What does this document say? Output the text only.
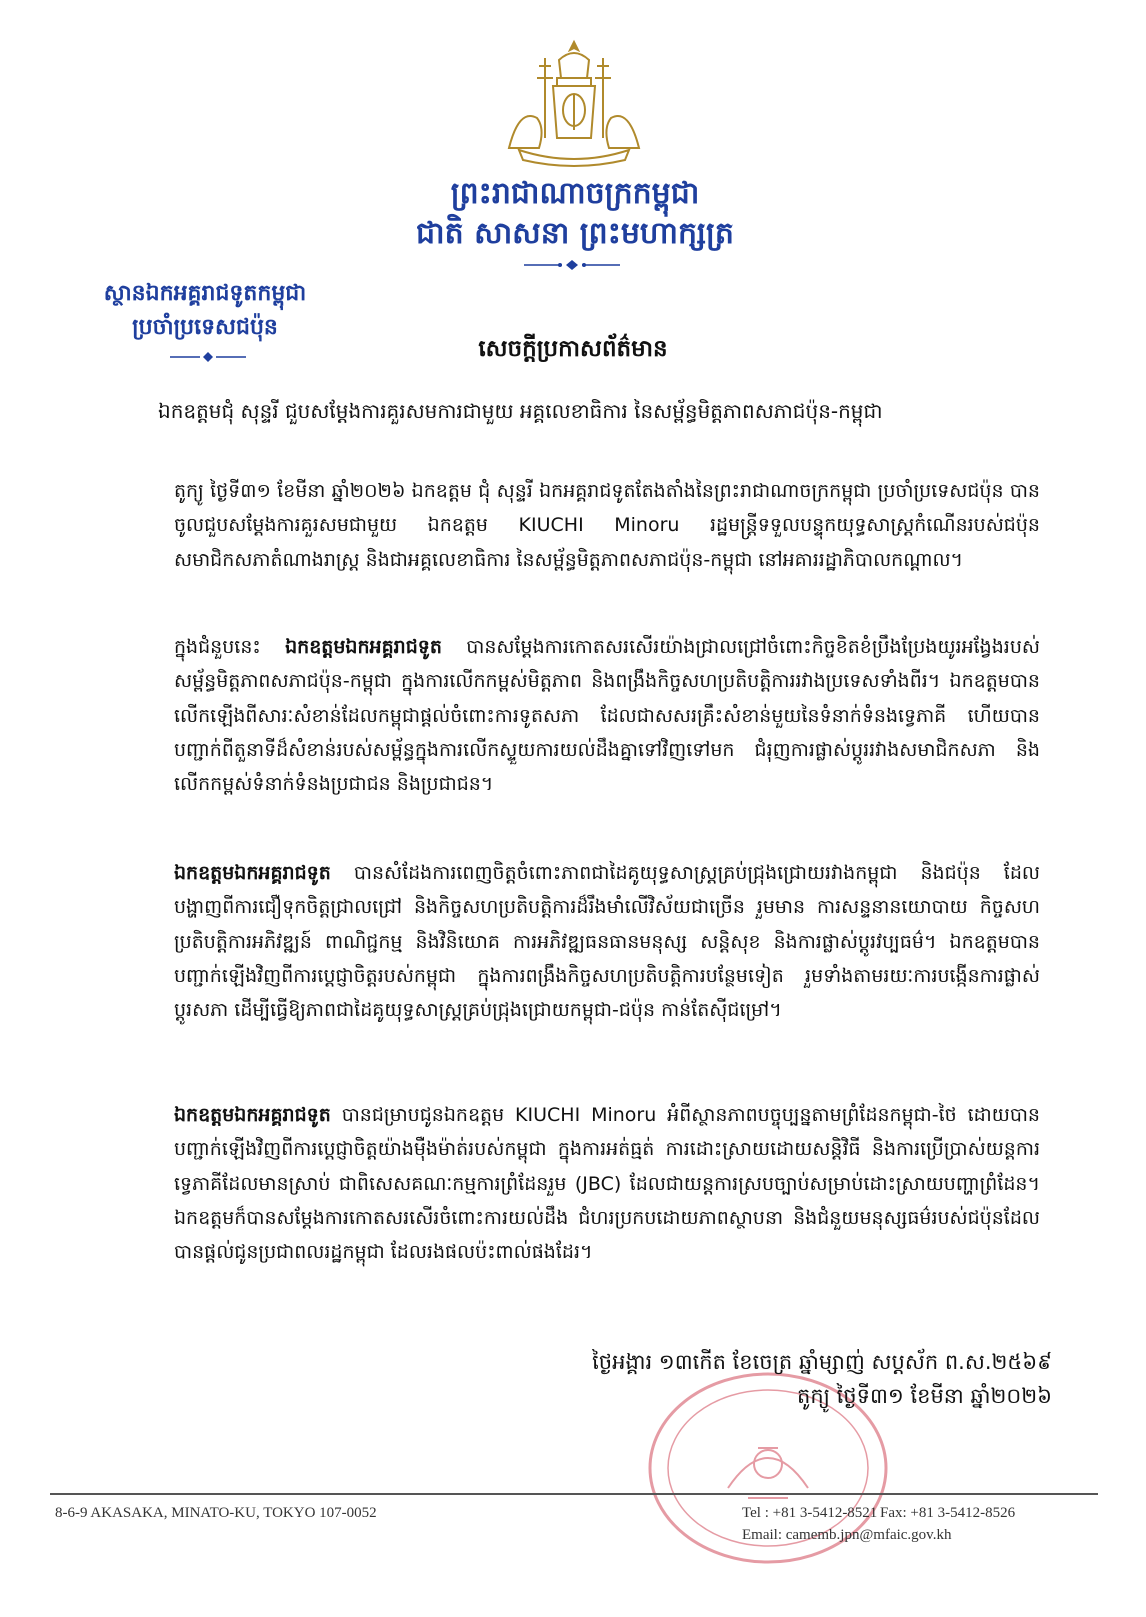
ព្រះរាជាណាចក្រកម្ពុជា
ជាតិ សាសនា ព្រះមហាក្សត្រ
ស្ថានឯកអគ្គរាជទូតកម្ពុជា
ប្រចាំប្រទេសជប៉ុន
សេចក្តីប្រកាសព័ត៌មាន
ឯកឧត្តមជុំ សុន្ទរី ជួបសម្តែងការគួរសមការជាមួយ អគ្គលេខាធិការ នៃសម្ព័ន្ធមិត្តភាពសភាជប៉ុន-កម្ពុជា

តូក្យូ ថ្ងៃទី៣១ ខែមីនា ឆ្នាំ២០២៦ ឯកឧត្តម ជុំ សុន្ទរី ឯកអគ្គរាជទូតតែងតាំងនៃព្រះរាជាណាចក្រកម្ពុជា ប្រចាំប្រទេសជប៉ុន បានចូលជួបសម្តែងការគួរសមជាមួយ ឯកឧត្តម KIUCHI Minoru រដ្ឋមន្ត្រីទទួលបន្ទុកយុទ្ធសាស្ត្រកំណើនរបស់ជប៉ុន សមាជិកសភាតំណាងរាស្ត្រ និងជាអគ្គលេខាធិការ នៃសម្ព័ន្ធមិត្តភាពសភាជប៉ុន-កម្ពុជា នៅអគាររដ្ឋាភិបាលកណ្តាល។

ក្នុងជំនួបនេះ ឯកឧត្តមឯកអគ្គរាជទូត បានសម្តែងការកោតសរសើរយ៉ាងជ្រាលជ្រៅចំពោះកិច្ចខិតខំប្រឹងប្រែងយូរអង្វែងរបស់សម្ព័ន្ធមិត្តភាពសភាជប៉ុន-កម្ពុជា ក្នុងការលើកកម្ពស់មិត្តភាព និងពង្រឹងកិច្ចសហប្រតិបត្តិការរវាងប្រទេសទាំងពីរ។ ឯកឧត្តមបានលើកឡើងពីសារៈសំខាន់ដែលកម្ពុជាផ្តល់ចំពោះការទូតសភា ដែលជាសសរគ្រឹះសំខាន់មួយនៃទំនាក់ទំនងទ្វេភាគី ហើយបានបញ្ជាក់ពីតួនាទីដ៏សំខាន់របស់សម្ព័ន្ធក្នុងការលើកស្ទួយការយល់ដឹងគ្នាទៅវិញទៅមក ជំរុញការផ្លាស់ប្តូររវាងសមាជិកសភា និងលើកកម្ពស់ទំនាក់ទំនងប្រជាជន និងប្រជាជន។

ឯកឧត្តមឯកអគ្គរាជទូត បានសំដែងការពេញចិត្តចំពោះភាពជាដៃគូយុទ្ធសាស្ត្រគ្រប់ជ្រុងជ្រោយរវាងកម្ពុជា និងជប៉ុន ដែលបង្ហាញពីការជឿទុកចិត្តជ្រាលជ្រៅ និងកិច្ចសហប្រតិបត្តិការដ៏រឹងមាំលើវិស័យជាច្រើន រួមមាន ការសន្ទនានយោបាយ កិច្ចសហប្រតិបត្តិការអភិវឌ្ឍន៍ ពាណិជ្ជកម្ម និងវិនិយោគ ការអភិវឌ្ឍធនធានមនុស្ស សន្តិសុខ និងការផ្លាស់ប្តូរវប្បធម៌។ ឯកឧត្តមបានបញ្ជាក់ឡើងវិញពីការប្តេជ្ញាចិត្តរបស់កម្ពុជា ក្នុងការពង្រឹងកិច្ចសហប្រតិបត្តិការបន្ថែមទៀត រួមទាំងតាមរយៈការបង្កើនការផ្លាស់ប្តូរសភា ដើម្បីធ្វើឱ្យភាពជាដៃគូយុទ្ធសាស្ត្រគ្រប់ជ្រុងជ្រោយកម្ពុជា-ជប៉ុន កាន់តែស៊ីជម្រៅ។

ឯកឧត្តមឯកអគ្គរាជទូត បានជម្រាបជូនឯកឧត្តម KIUCHI Minoru អំពីស្ថានភាពបច្ចុប្បន្នតាមព្រំដែនកម្ពុជា-ថៃ ដោយបានបញ្ជាក់ឡើងវិញពីការប្តេជ្ញាចិត្តយ៉ាងម៉ឺងម៉ាត់របស់កម្ពុជា ក្នុងការអត់ធ្មត់ ការដោះស្រាយដោយសន្តិវិធី និងការប្រើប្រាស់យន្តការទ្វេភាគីដែលមានស្រាប់ ជាពិសេសគណៈកម្មការព្រំដែនរួម (JBC) ដែលជាយន្តការស្របច្បាប់សម្រាប់ដោះស្រាយបញ្ហាព្រំដែន។ ឯកឧត្តមក៏បានសម្តែងការកោតសរសើរចំពោះការយល់ដឹង ជំហរប្រកបដោយភាពស្ថាបនា និងជំនួយមនុស្សធម៌របស់ជប៉ុនដែលបានផ្តល់ជូនប្រជាពលរដ្ឋកម្ពុជា ដែលរងផលប៉ះពាល់ផងដែរ។

ថ្ងៃអង្គារ ១៣កើត ខែចេត្រ ឆ្នាំម្សាញ់ សប្តស័ក ព.ស.២៥៦៩
តូក្យូ ថ្ងៃទី៣១ ខែមីនា ឆ្នាំ២០២៦
8-6-9 AKASAKA, MINATO-KU, TOKYO 107-0052	Tel : +81 3-5412-8521 Fax: +81 3-5412-8526
Email: camemb.jpn@mfaic.gov.kh
